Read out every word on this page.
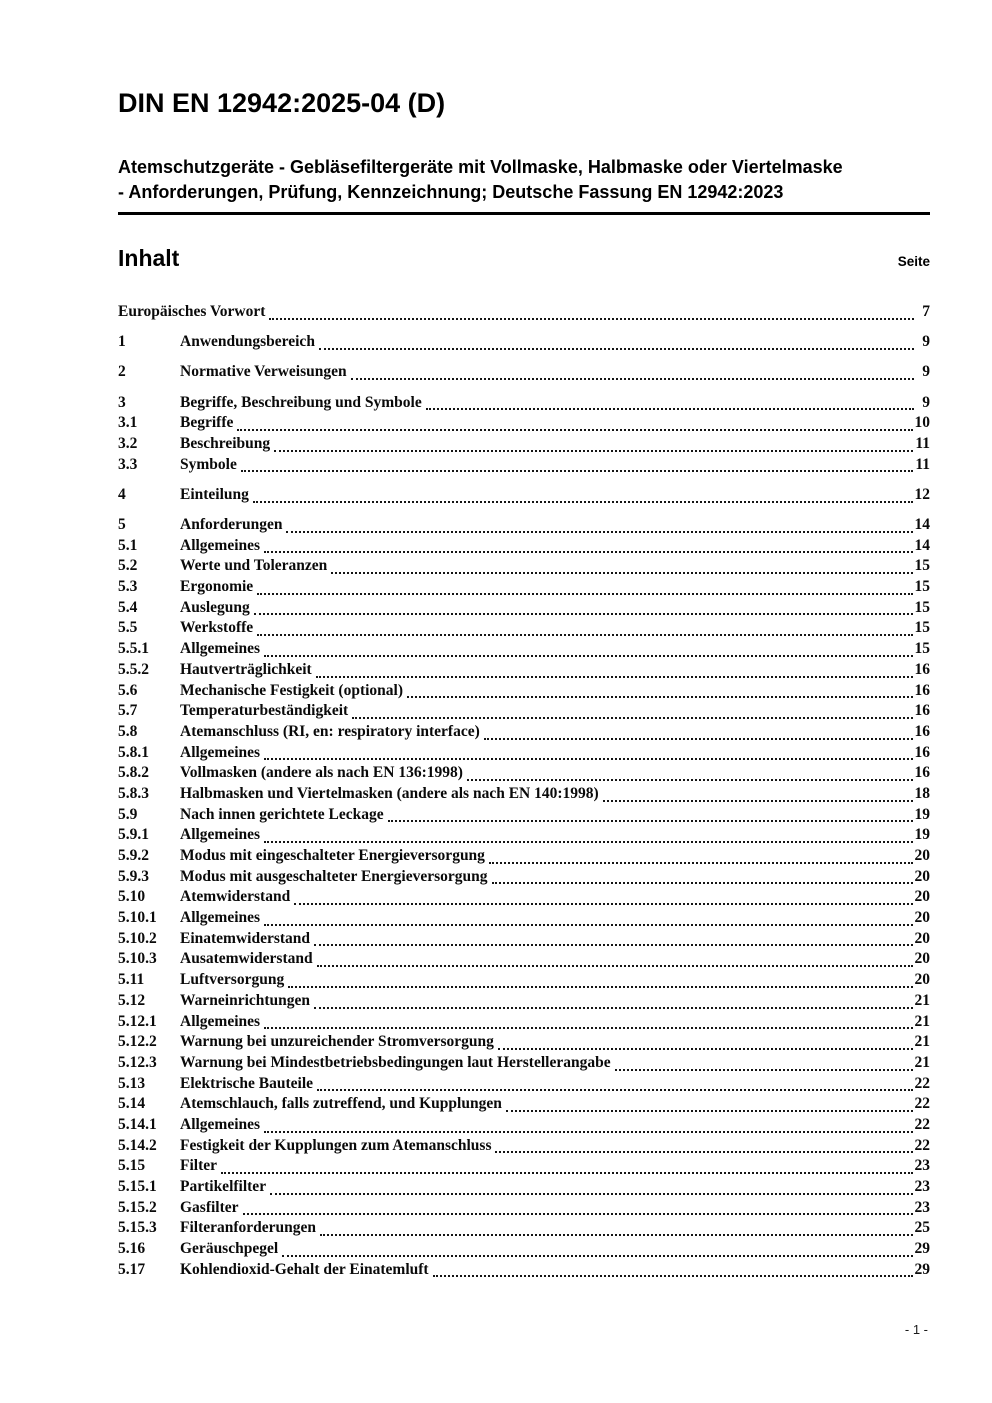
DIN EN 12942:2025-04 (D)
Atemschutzgeräte - Gebläsefiltergeräte mit Vollmaske, Halbmaske oder Viertelmaske
- Anforderungen, Prüfung, Kennzeichnung; Deutsche Fassung EN 12942:2023
Inhalt	Seite
Europäisches Vorwort	7
1	Anwendungsbereich	9
2	Normative Verweisungen	9
3	Begriffe, Beschreibung und Symbole	9
3.1	Begriffe	10
3.2	Beschreibung	11
3.3	Symbole	11
4	Einteilung	12
5	Anforderungen	14
5.1	Allgemeines	14
5.2	Werte und Toleranzen	15
5.3	Ergonomie	15
5.4	Auslegung	15
5.5	Werkstoffe	15
5.5.1	Allgemeines	15
5.5.2	Hautverträglichkeit	16
5.6	Mechanische Festigkeit (optional)	16
5.7	Temperaturbeständigkeit	16
5.8	Atemanschluss (RI, en: respiratory interface)	16
5.8.1	Allgemeines	16
5.8.2	Vollmasken (andere als nach EN 136:1998)	16
5.8.3	Halbmasken und Viertelmasken (andere als nach EN 140:1998)	18
5.9	Nach innen gerichtete Leckage	19
5.9.1	Allgemeines	19
5.9.2	Modus mit eingeschalteter Energieversorgung	20
5.9.3	Modus mit ausgeschalteter Energieversorgung	20
5.10	Atemwiderstand	20
5.10.1	Allgemeines	20
5.10.2	Einatemwiderstand	20
5.10.3	Ausatemwiderstand	20
5.11	Luftversorgung	20
5.12	Warneinrichtungen	21
5.12.1	Allgemeines	21
5.12.2	Warnung bei unzureichender Stromversorgung	21
5.12.3	Warnung bei Mindestbetriebsbedingungen laut Herstellerangabe	21
5.13	Elektrische Bauteile	22
5.14	Atemschlauch, falls zutreffend, und Kupplungen	22
5.14.1	Allgemeines	22
5.14.2	Festigkeit der Kupplungen zum Atemanschluss	22
5.15	Filter	23
5.15.1	Partikelfilter	23
5.15.2	Gasfilter	23
5.15.3	Filteranforderungen	25
5.16	Geräuschpegel	29
5.17	Kohlendioxid-Gehalt der Einatemluft	29
- 1 -
